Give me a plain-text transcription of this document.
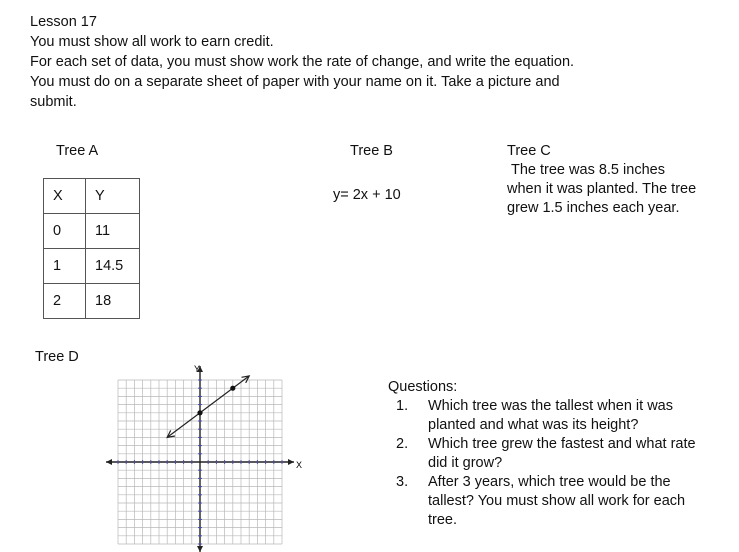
Lesson 17
You must show all work to earn credit.
For each set of data, you must show work the rate of change, and write the equation.
You must do on a separate sheet of paper with your name on it. Take a picture and
submit.
Tree A
X	Y
0	11
1	14.5
2	18
Tree B
y= 2x + 10
Tree C
The tree was 8.5 inches when it was planted. The tree grew 1.5 inches each year.
Tree D
X
Y
Questions:
1. Which tree was the tallest when it was planted and what was its height?
2. Which tree grew the fastest and what rate did it grow?
3. After 3 years, which tree would be the tallest? You must show all work for each tree.
